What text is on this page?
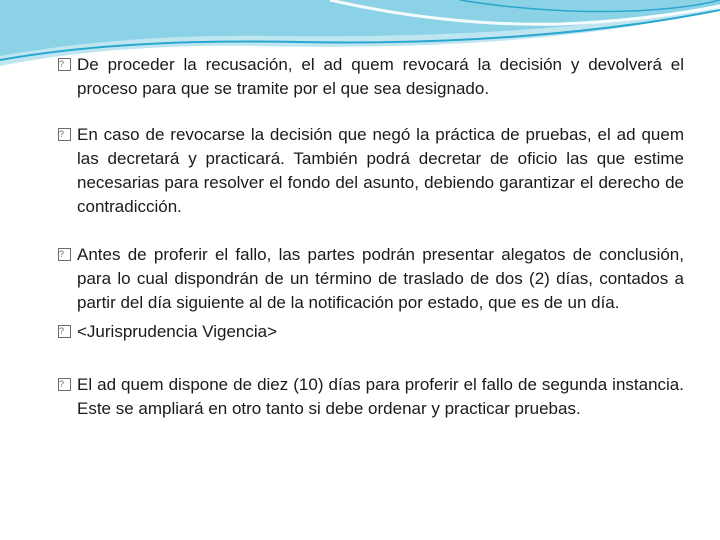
? De proceder la recusación, el ad quem revocará la decisión y devolverá el proceso para que se tramite por el que sea designado.
? En caso de revocarse la decisión que negó la práctica de pruebas, el ad quem las decretará y practicará. También podrá decretar de oficio las que estime necesarias para resolver el fondo del asunto, debiendo garantizar el derecho de contradicción.
? Antes de proferir el fallo, las partes podrán presentar alegatos de conclusión, para lo cual dispondrán de un término de traslado de dos (2) días, contados a partir del día siguiente al de la notificación por estado, que es de un día.
? <Jurisprudencia Vigencia>
? El ad quem dispone de diez (10) días para proferir el fallo de segunda instancia. Este se ampliará en otro tanto si debe ordenar y practicar pruebas.
